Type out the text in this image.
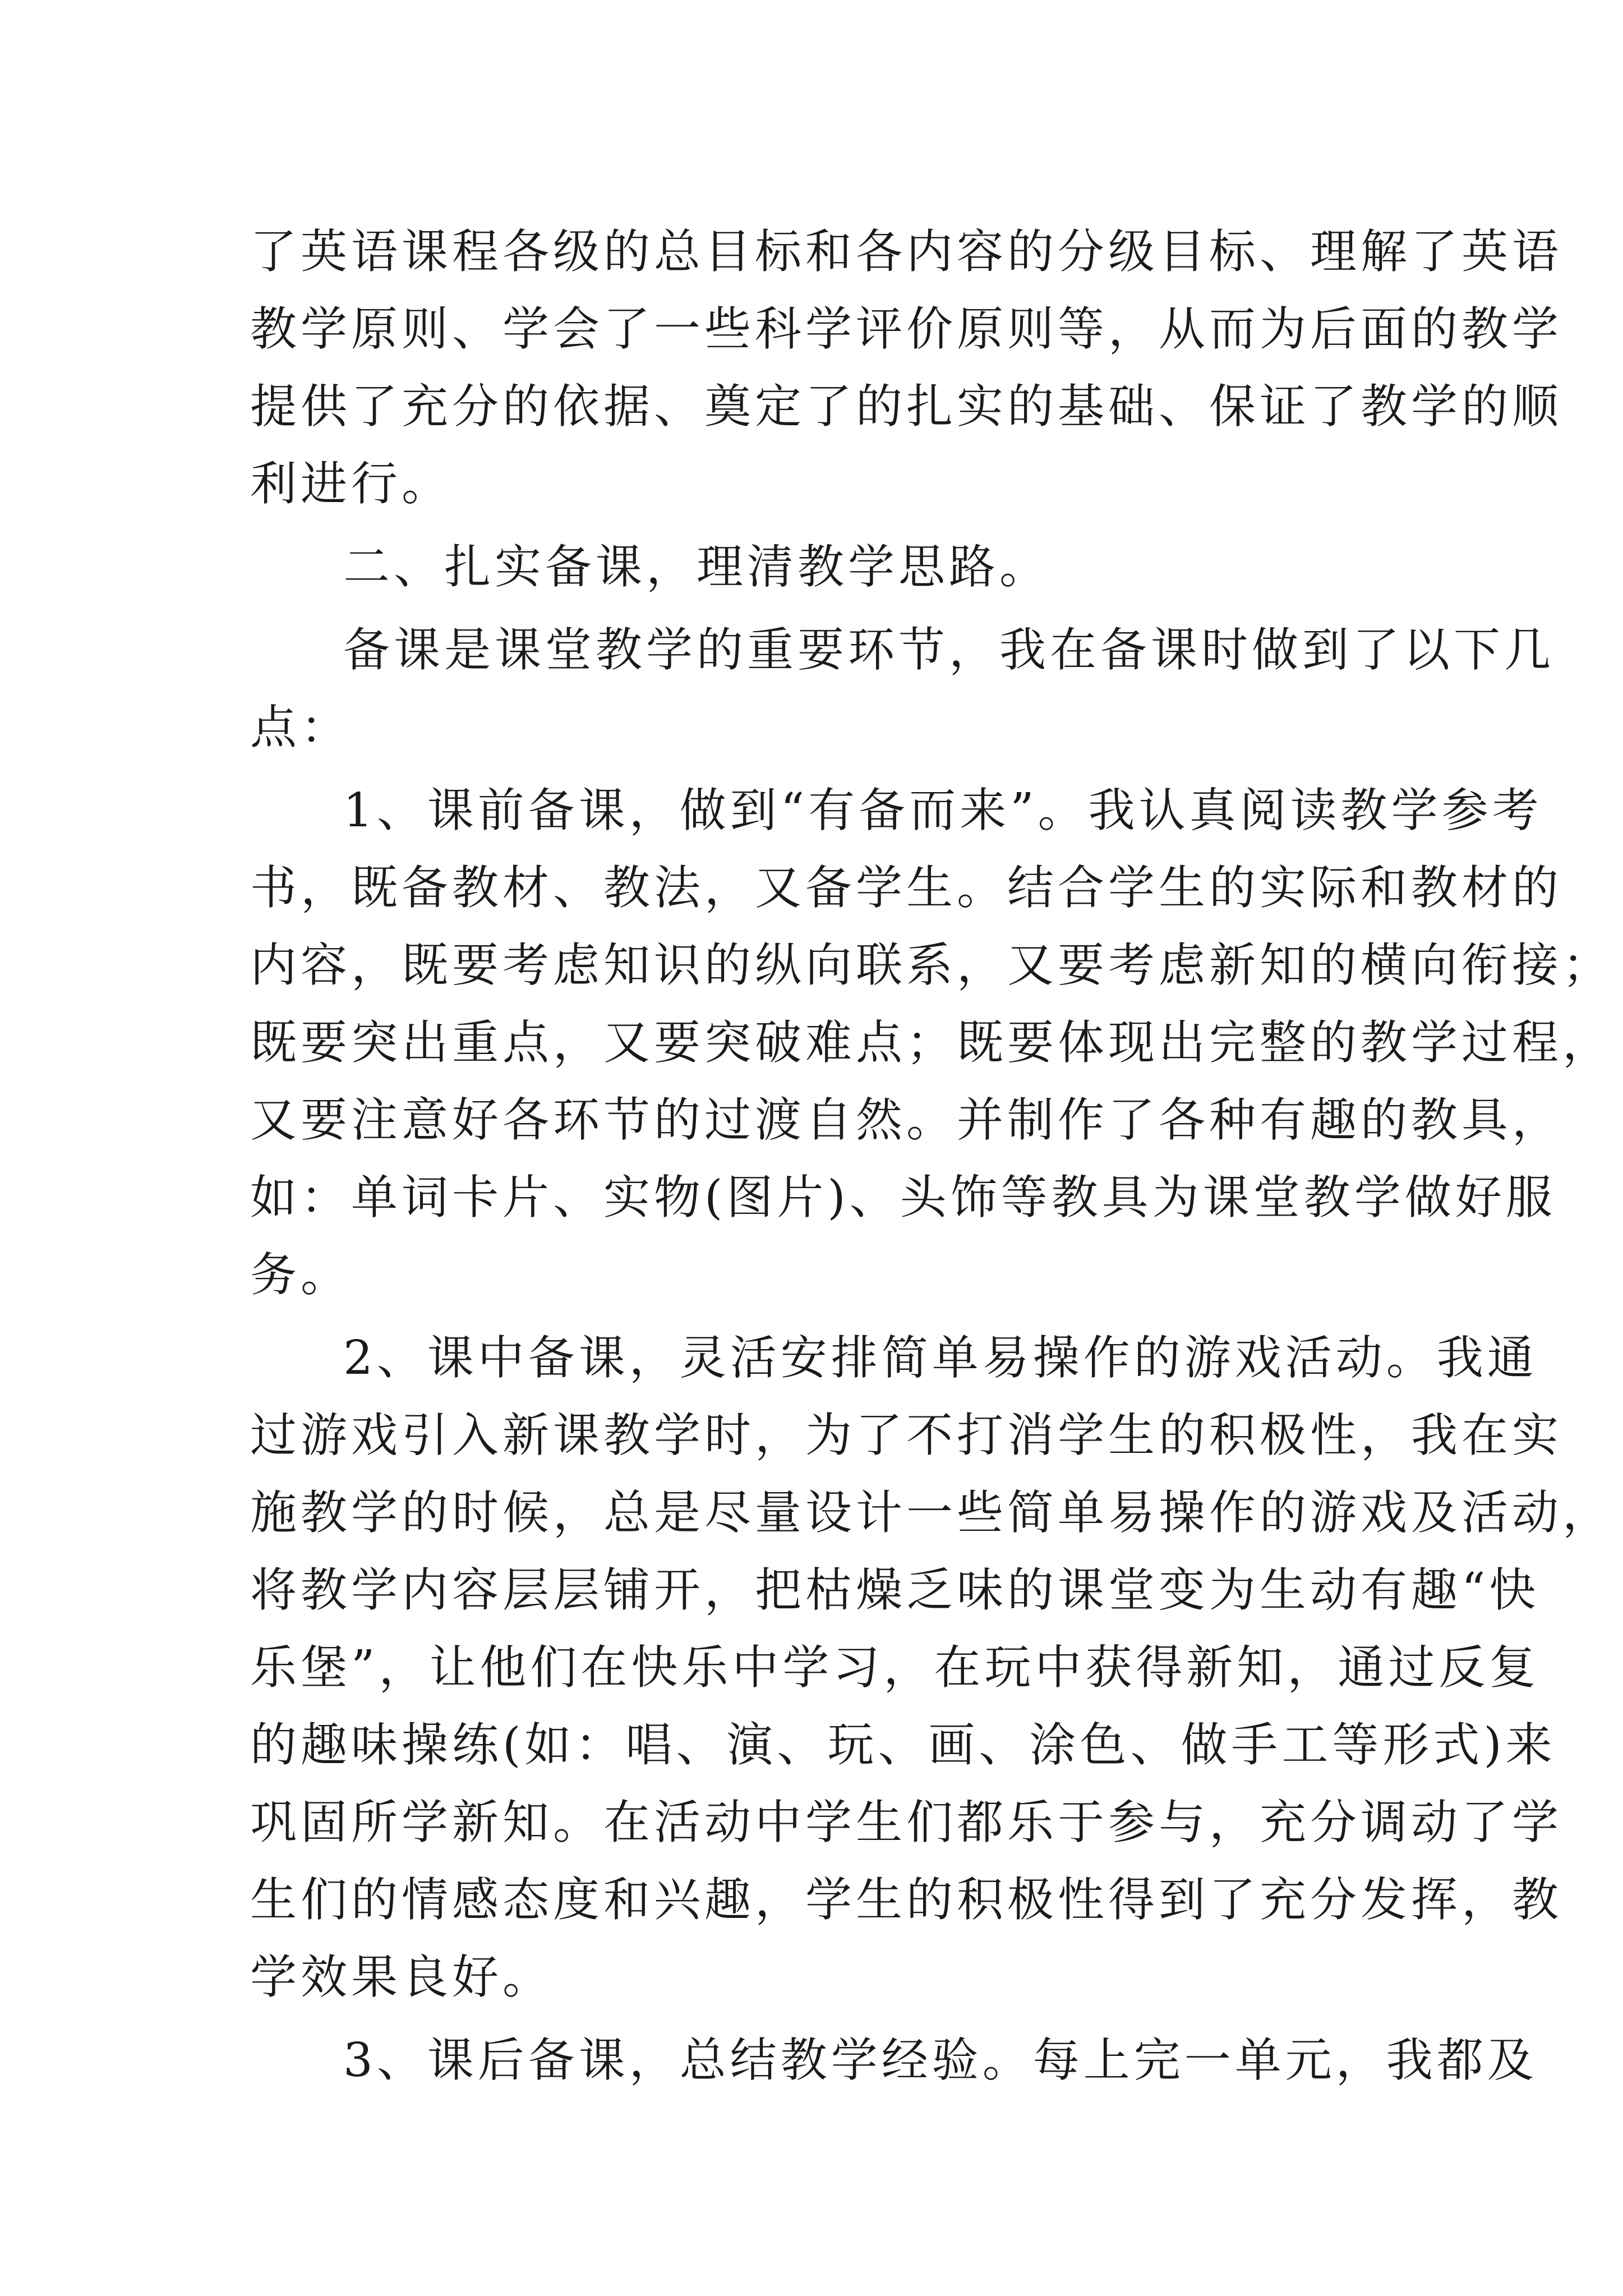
了英语课程各级的总目标和各内容的分级目标、理解了英语
教学原则、学会了一些科学评价原则等，从而为后面的教学
提供了充分的依据、奠定了的扎实的基础、保证了教学的顺
利进行。
二、扎实备课，理清教学思路。
备课是课堂教学的重要环节，我在备课时做到了以下几
点：
1、课前备课，做到“有备而来”。我认真阅读教学参考
书，既备教材、教法，又备学生。结合学生的实际和教材的
内容，既要考虑知识的纵向联系，又要考虑新知的横向衔接；
既要突出重点，又要突破难点；既要体现出完整的教学过程，
又要注意好各环节的过渡自然。并制作了各种有趣的教具，
如：单词卡片、实物(图片)、头饰等教具为课堂教学做好服
务。
2、课中备课，灵活安排简单易操作的游戏活动。我通
过游戏引入新课教学时，为了不打消学生的积极性，我在实
施教学的时候，总是尽量设计一些简单易操作的游戏及活动，
将教学内容层层铺开，把枯燥乏味的课堂变为生动有趣“快
乐堡”，让他们在快乐中学习，在玩中获得新知，通过反复
的趣味操练(如：唱、演、玩、画、涂色、做手工等形式)来
巩固所学新知。在活动中学生们都乐于参与，充分调动了学
生们的情感态度和兴趣，学生的积极性得到了充分发挥，教
学效果良好。
3、课后备课，总结教学经验。每上完一单元，我都及
